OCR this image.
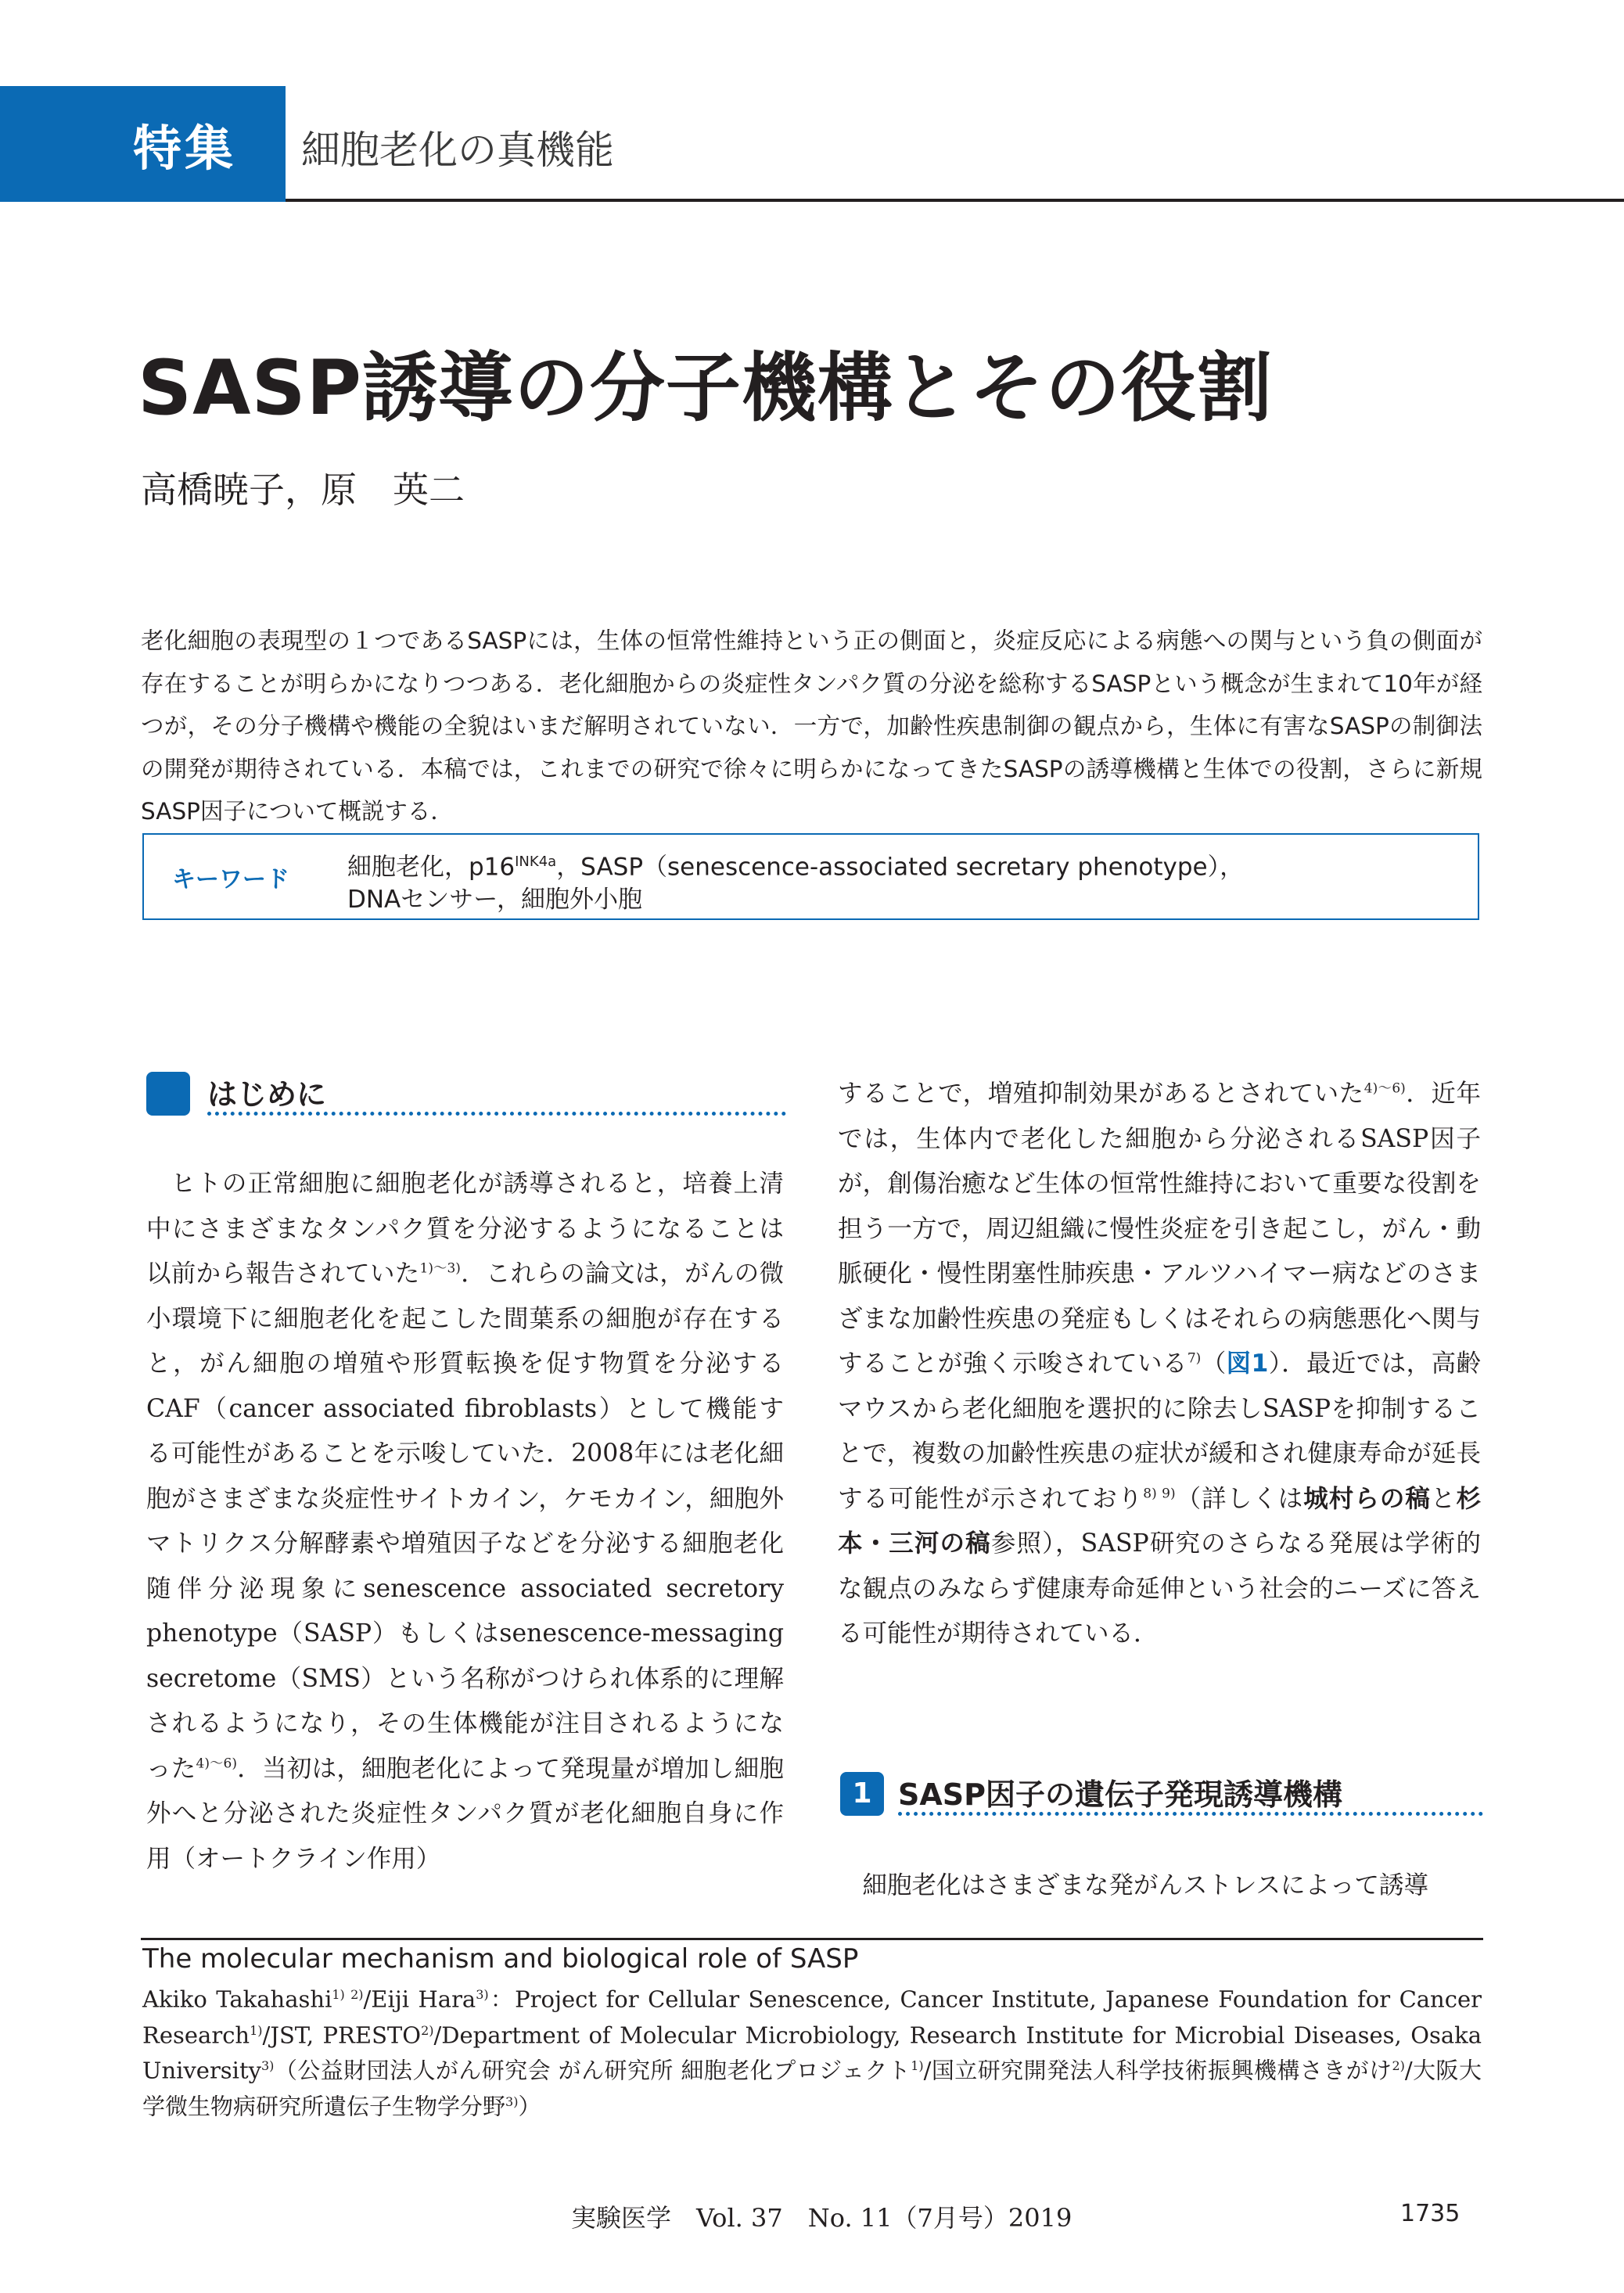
特集 細胞老化の真機能
SASP誘導の分子機構とその役割
高橋暁子，原　英二

老化細胞の表現型の１つであるSASPには，生体の恒常性維持という正の側面と，炎症反応による病態への関与という負の側面が存在することが明らかになりつつある．老化細胞からの炎症性タンパク質の分泌を総称するSASPという概念が生まれて10年が経つが，その分子機構や機能の全貌はいまだ解明されていない．一方で，加齢性疾患制御の観点から，生体に有害なSASPの制御法の開発が期待されている．本稿では，これまでの研究で徐々に明らかになってきたSASPの誘導機構と生体での役割，さらに新規SASP因子について概説する．

キーワード 細胞老化，$p16^{INK4a}$，SASP（senescence-associated secretary phenotype），
DNAセンサー，細胞外小胞

はじめに

ヒトの正常細胞に細胞老化が誘導されると，培養上清中にさまざまなタンパク質を分泌するようになることは以前から報告されていた$^{1)\sim 3)}$．これらの論文は，がんの微小環境下に細胞老化を起こした間葉系の細胞が存在すると，がん細胞の増殖や形質転換を促す物質を分泌するCAF（cancer associated fibroblasts）として機能する可能性があることを示唆していた．2008年には老化細胞がさまざまな炎症性サイトカイン，ケモカイン，細胞外マトリクス分解酵素や増殖因子などを分泌する細胞老化随伴分泌現象にsenescence associated secretory phenotype（SASP）もしくはsenescence-messaging secretome（SMS）という名称がつけられ体系的に理解されるようになり，その生体機能が注目されるようになった$^{4)\sim 6)}$．当初は，細胞老化によって発現量が増加し細胞外へと分泌された炎症性タンパク質が老化細胞自身に作用（オートクライン作用）

することで，増殖抑制効果があるとされていた$^{4)\sim 6)}$．近年では，生体内で老化した細胞から分泌されるSASP因子が，創傷治癒など生体の恒常性維持において重要な役割を担う一方で，周辺組織に慢性炎症を引き起こし，がん・動脈硬化・慢性閉塞性肺疾患・アルツハイマー病などのさまざまな加齢性疾患の発症もしくはそれらの病態悪化へ関与することが強く示唆されている$^{7)}$（図1）．最近では，高齢マウスから老化細胞を選択的に除去しSASPを抑制することで，複数の加齢性疾患の症状が緩和され健康寿命が延長する可能性が示されており$^{8) 9)}$（詳しくは城村らの稿と杉本・三河の稿参照），SASP研究のさらなる発展は学術的な観点のみならず健康寿命延伸という社会的ニーズに答える可能性が期待されている．

1 SASP因子の遺伝子発現誘導機構

細胞老化はさまざまな発がんストレスによって誘導

The molecular mechanism and biological role of SASP

Akiko Takahashi$^{1) 2)}$/Eiji Hara$^{3)}$：Project for Cellular Senescence, Cancer Institute, Japanese Foundation for Cancer Research$^{1)}$/JST, PRESTO$^{2)}$/Department of Molecular Microbiology, Research Institute for Microbial Diseases, Osaka University$^{3)}$（公益財団法人がん研究会 がん研究所 細胞老化プロジェクト$^{1)}$/国立研究開発法人科学技術振興機構さきがけ$^{2)}$/大阪大学微生物病研究所遺伝子生物学分野$^{3)}$）

実験医学　Vol. 37　No. 11（7月号）2019	1735
